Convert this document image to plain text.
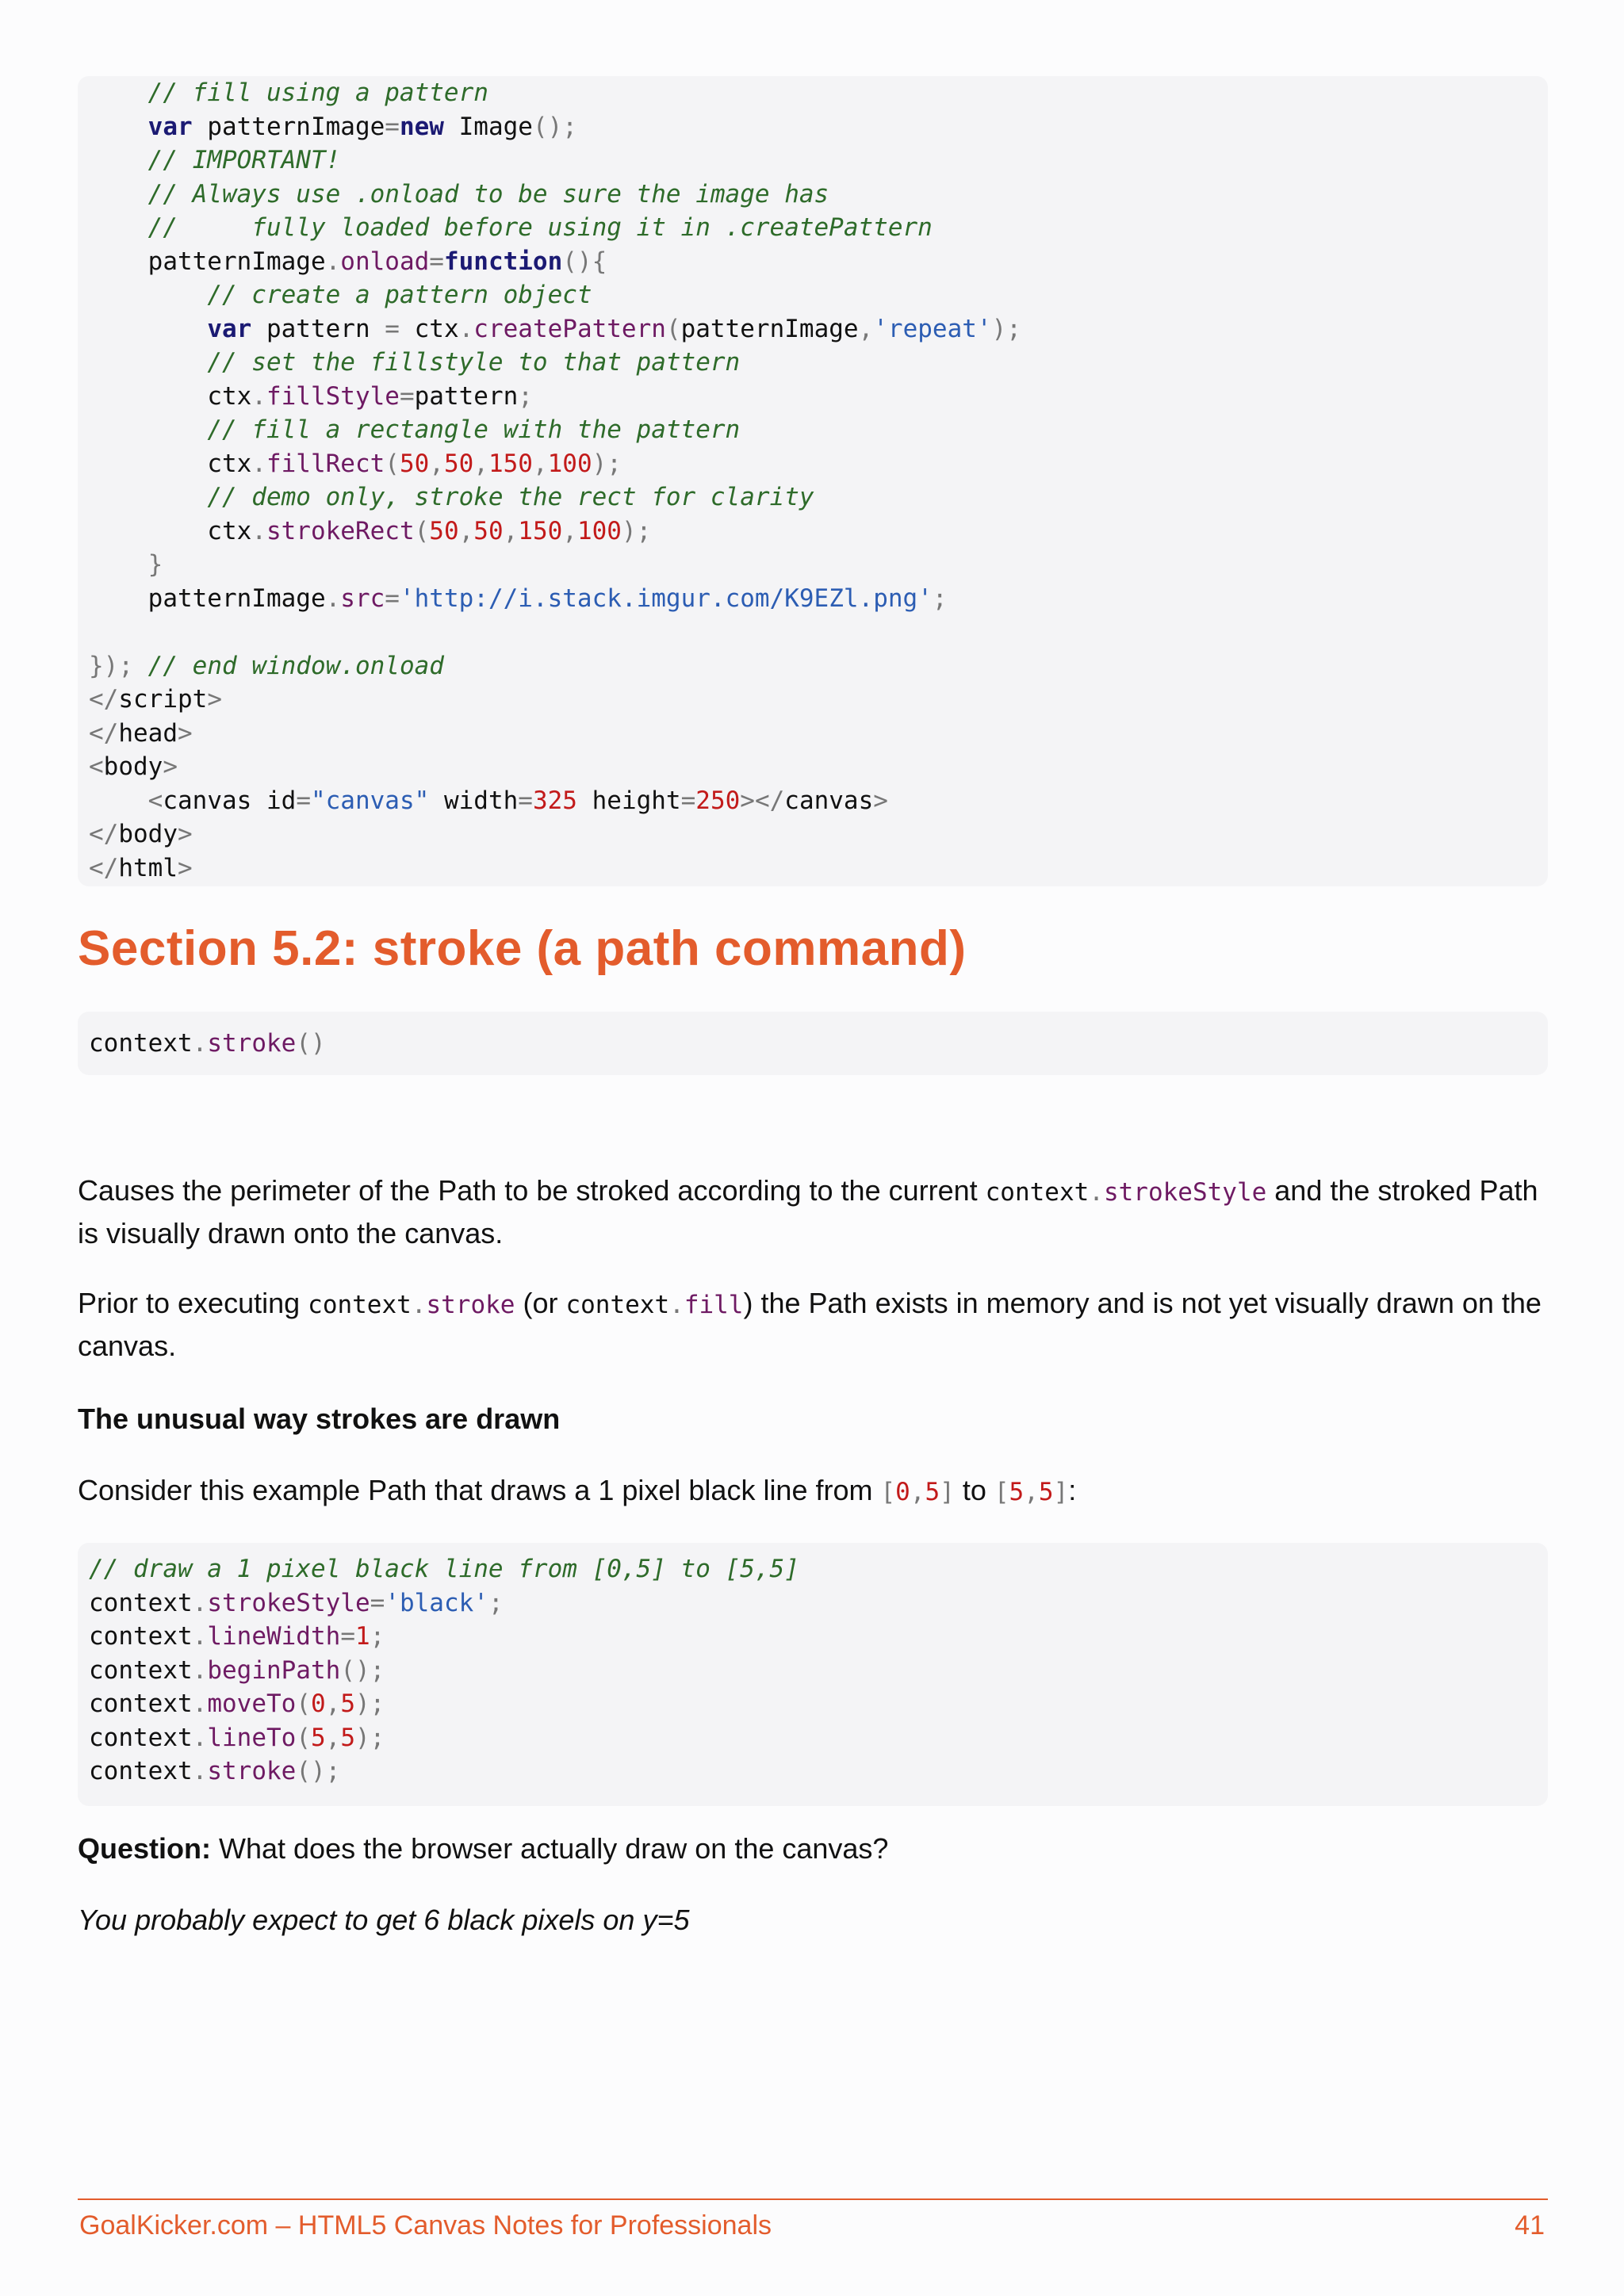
// fill using a pattern
var patternImage=new Image();
// IMPORTANT!
// Always use .onload to be sure the image has
//     fully loaded before using it in .createPattern
patternImage.onload=function(){
// create a pattern object
var pattern = ctx.createPattern(patternImage,'repeat');
// set the fillstyle to that pattern
ctx.fillStyle=pattern;
// fill a rectangle with the pattern
ctx.fillRect(50,50,150,100);
// demo only, stroke the rect for clarity
ctx.strokeRect(50,50,150,100);
}
patternImage.src='http://i.stack.imgur.com/K9EZl.png';
}); // end window.onload
</script>
</head>
<body>
<canvas id="canvas" width=325 height=250></canvas>
</body>
</html>
Section 5.2: stroke (a path command)
context.stroke()
Causes the perimeter of the Path to be stroked according to the current context.strokeStyle and the stroked Path is visually drawn onto the canvas.
Prior to executing context.stroke (or context.fill) the Path exists in memory and is not yet visually drawn on the canvas.
The unusual way strokes are drawn
Consider this example Path that draws a 1 pixel black line from [0,5] to [5,5]:
// draw a 1 pixel black line from [0,5] to [5,5]
context.strokeStyle='black';
context.lineWidth=1;
context.beginPath();
context.moveTo(0,5);
context.lineTo(5,5);
context.stroke();
Question: What does the browser actually draw on the canvas?
You probably expect to get 6 black pixels on y=5
GoalKicker.com – HTML5 Canvas Notes for Professionals	41
